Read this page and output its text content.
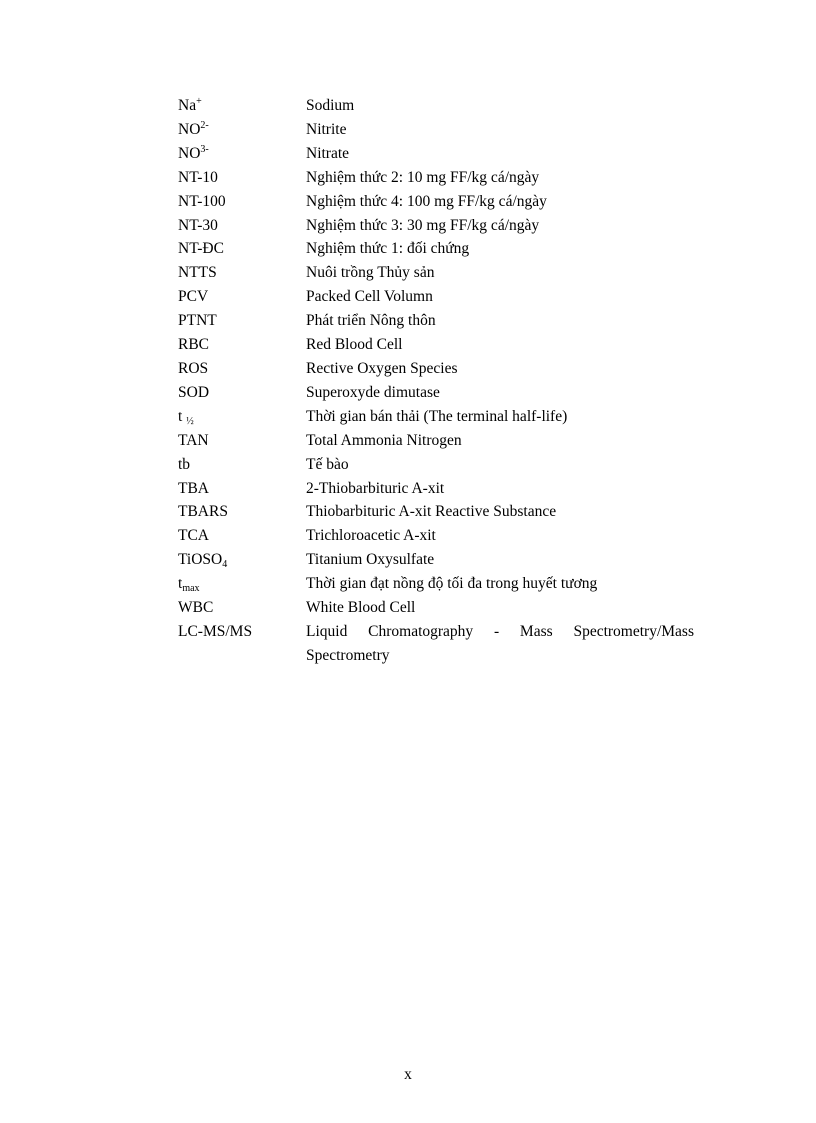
Na+	Sodium
$NO^{2-}$	Nitrite
$NO^{3-}$	Nitrate
NT-10	Nghiệm thức 2: 10 mg FF/kg cá/ngày
NT-100	Nghiệm thức 4: 100 mg FF/kg cá/ngày
NT-30	Nghiệm thức 3: 30 mg FF/kg cá/ngày
NT-ĐC	Nghiệm thức 1: đối chứng
NTTS	Nuôi trồng Thủy sản
PCV	Packed Cell Volumn
PTNT	Phát triển Nông thôn
RBC	Red Blood Cell
ROS	Rective Oxygen Species
SOD	Superoxyde dimutase
t $_{\frac{1}{2}}$	Thời gian bán thải (The terminal half-life)
TAN	Total Ammonia Nitrogen
tb	Tế bào
TBA	2-Thiobarbituric A-xit
TBARS	Thiobarbituric A-xit Reactive Substance
TCA	Trichloroacetic A-xit
TiOSO$_4$	Titanium Oxysulfate
$t_{max}$	Thời gian đạt nồng độ tối đa trong huyết tương
WBC	White Blood Cell
LC-MS/MS	Liquid Chromatography - Mass Spectrometry/Mass Spectrometry
x
